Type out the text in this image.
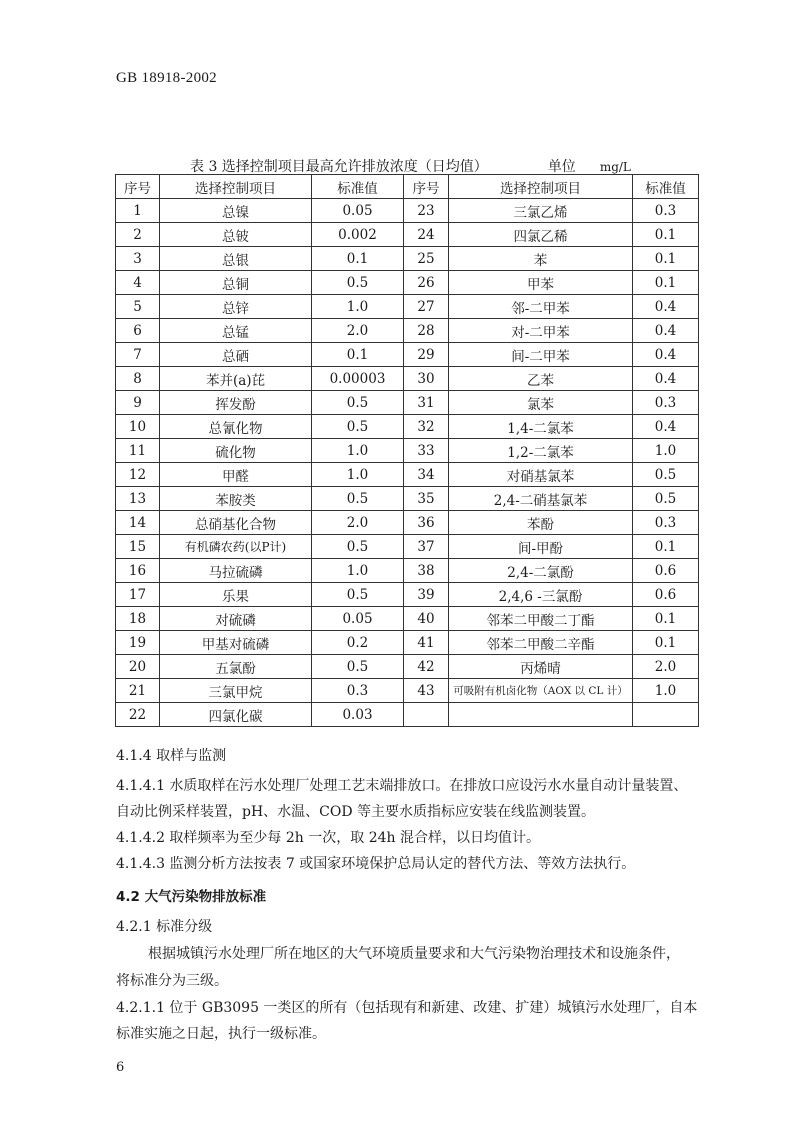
GB 18918-2002
表 3 选择控制项目最高允许排放浓度（日均值）	单位 mg/L
序号	选择控制项目	标准值	序号	选择控制项目	标准值
1	总镍	0.05	23	三氯乙烯	0.3
2	总铍	0.002	24	四氯乙稀	0.1
3	总银	0.1	25	苯	0.1
4	总铜	0.5	26	甲苯	0.1
5	总锌	1.0	27	邻-二甲苯	0.4
6	总锰	2.0	28	对-二甲苯	0.4
7	总硒	0.1	29	间-二甲苯	0.4
8	苯并(a)芘	0.00003	30	乙苯	0.4
9	挥发酚	0.5	31	氯苯	0.3
10	总氰化物	0.5	32	1,4-二氯苯	0.4
11	硫化物	1.0	33	1,2-二氯苯	1.0
12	甲醛	1.0	34	对硝基氯苯	0.5
13	苯胺类	0.5	35	2,4-二硝基氯苯	0.5
14	总硝基化合物	2.0	36	苯酚	0.3
15	有机磷农药(以P计)	0.5	37	间-甲酚	0.1
16	马拉硫磷	1.0	38	2,4-二氯酚	0.6
17	乐果	0.5	39	2,4,6 -三氯酚	0.6
18	对硫磷	0.05	40	邻苯二甲酸二丁酯	0.1
19	甲基对硫磷	0.2	41	邻苯二甲酸二辛酯	0.1
20	五氯酚	0.5	42	丙烯晴	2.0
21	三氯甲烷	0.3	43	可吸附有机卤化物（AOX 以 CL 计）	1.0
22	四氯化碳	0.03			
4.1.4 取样与监测
4.1.4.1 水质取样在污水处理厂处理工艺末端排放口。在排放口应设污水水量自动计量装置、
自动比例采样装置，pH、水温、COD 等主要水质指标应安装在线监测装置。
4.1.4.2 取样频率为至少每 2h 一次，取 24h 混合样，以日均值计。
4.1.4.3 监测分析方法按表 7 或国家环境保护总局认定的替代方法、等效方法执行。
4.2 大气污染物排放标准
4.2.1 标准分级
根据城镇污水处理厂所在地区的大气环境质量要求和大气污染物治理技术和设施条件，
将标准分为三级。
4.2.1.1 位于 GB3095 一类区的所有（包括现有和新建、改建、扩建）城镇污水处理厂，自本
标准实施之日起，执行一级标准。
6
